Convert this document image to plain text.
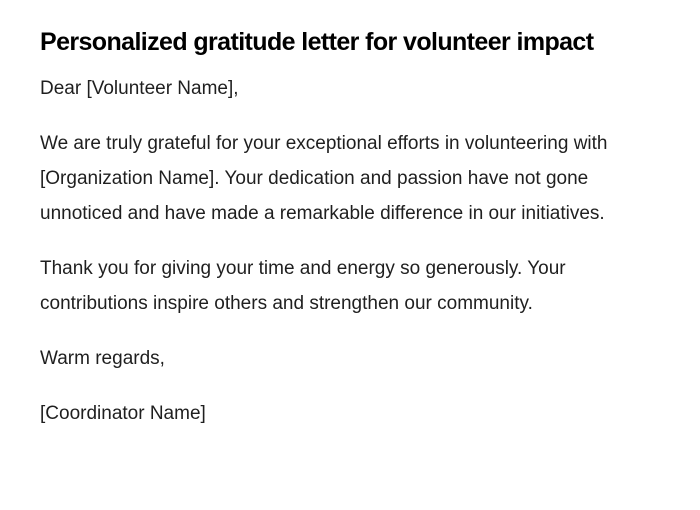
Personalized gratitude letter for volunteer impact

Dear [Volunteer Name],

We are truly grateful for your exceptional efforts in volunteering with [Organization Name]. Your dedication and passion have not gone unnoticed and have made a remarkable difference in our initiatives.

Thank you for giving your time and energy so generously. Your contributions inspire others and strengthen our community.

Warm regards,

[Coordinator Name]
